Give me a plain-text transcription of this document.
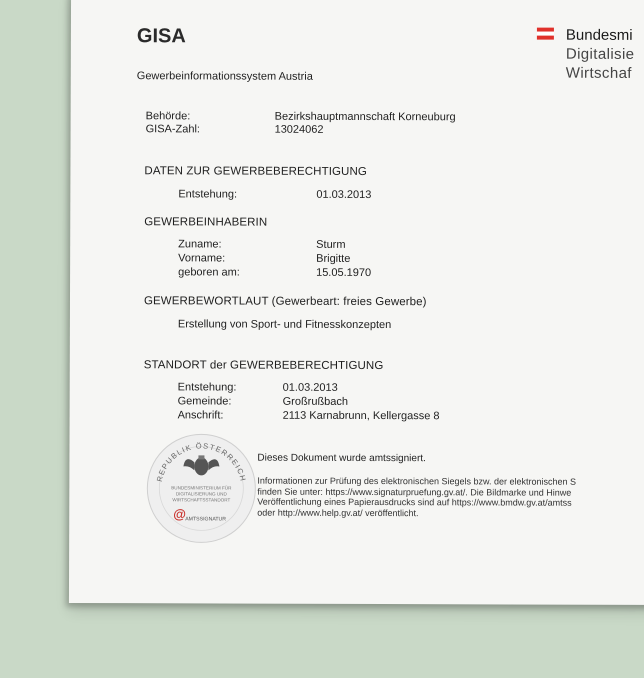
GISA
Gewerbeinformationssystem Austria
Bundesmi
Digitalisie
Wirtschaf
Behörde:	Bezirkshauptmannschaft Korneuburg
GISA-Zahl:	13024062
DATEN ZUR GEWERBEBERECHTIGUNG
Entstehung:	01.03.2013
GEWERBEINHABERIN
Zuname:	Sturm
Vorname:	Brigitte
geboren am:	15.05.1970
GEWERBEWORTLAUT (Gewerbeart: freies Gewerbe)
Erstellung von Sport- und Fitnesskonzepten
STANDORT der GEWERBEBERECHTIGUNG
Entstehung:	01.03.2013
Gemeinde:	Großrußbach
Anschrift:	2113 Karnabrunn, Kellergasse 8
REPUBLIK ÖSTERREICH
BUNDESMINISTERIUM FÜR
DIGITALISIERUNG UND
WIRTSCHAFTSSTANDORT
@ AMTSSIGNATUR
Dieses Dokument wurde amtssigniert.
Informationen zur Prüfung des elektronischen Siegels bzw. der elektronischen S
finden Sie unter: https://www.signaturpruefung.gv.at/. Die Bildmarke und Hinwe
Veröffentlichung eines Papierausdrucks sind auf https://www.bmdw.gv.at/amtss
oder http://www.help.gv.at/ veröffentlicht.
